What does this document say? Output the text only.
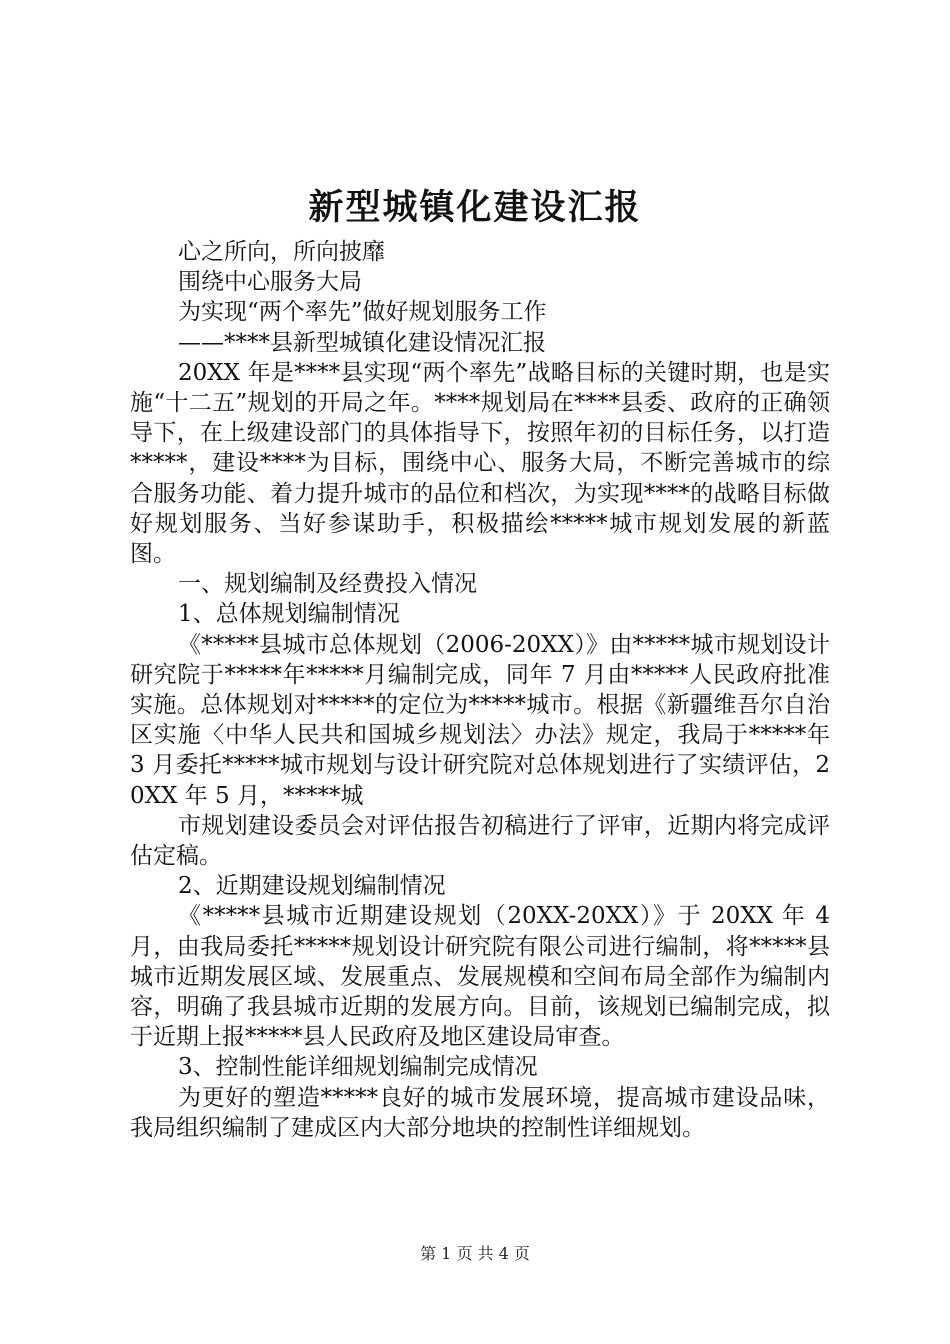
新型城镇化建设汇报

心之所向，所向披靡

围绕中心服务大局

为实现“两个率先”做好规划服务工作

——****县新型城镇化建设情况汇报

20XX 年是****县实现“两个率先”战略目标的关键时期，也是实施“十二五”规划的开局之年。****规划局在****县委、政府的正确领导下，在上级建设部门的具体指导下，按照年初的目标任务，以打造*****，建设****为目标，围绕中心、服务大局，不断完善城市的综合服务功能、着力提升城市的品位和档次，为实现****的战略目标做好规划服务、当好参谋助手，积极描绘*****城市规划发展的新蓝图。

一、规划编制及经费投入情况

1、总体规划编制情况

《*****县城市总体规划（2006-20XX）》由*****城市规划设计研究院于*****年*****月编制完成，同年 7 月由*****人民政府批准实施。总体规划对*****的定位为*****城市。根据《新疆维吾尔自治区实施〈中华人民共和国城乡规划法〉办法》规定，我局于*****年 3 月委托*****城市规划与设计研究院对总体规划进行了实绩评估，20XX 年 5 月，*****城

市规划建设委员会对评估报告初稿进行了评审，近期内将完成评估定稿。

2、近期建设规划编制情况

《*****县城市近期建设规划（20XX-20XX）》于 20XX 年 4 月，由我局委托*****规划设计研究院有限公司进行编制，将*****县城市近期发展区域、发展重点、发展规模和空间布局全部作为编制内容，明确了我县城市近期的发展方向。目前，该规划已编制完成，拟于近期上报*****县人民政府及地区建设局审查。

3、控制性能详细规划编制完成情况

为更好的塑造*****良好的城市发展环境，提高城市建设品味，我局组织编制了建成区内大部分地块的控制性详细规划。

第 1 页 共 4 页
